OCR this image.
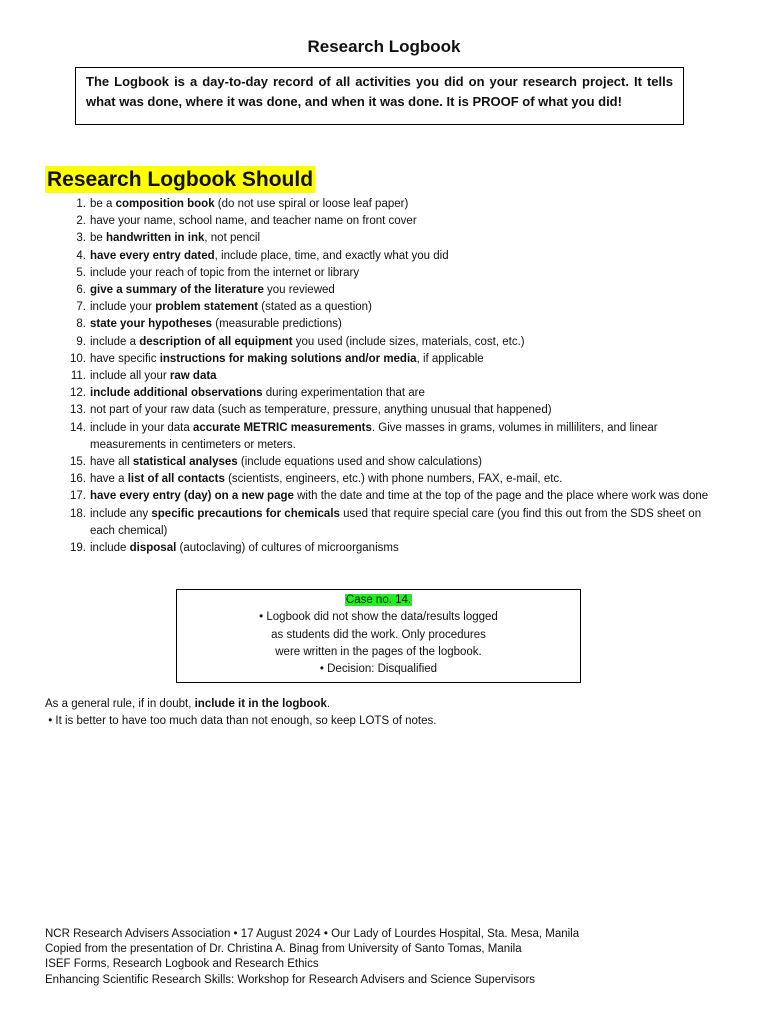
Research Logbook
The Logbook is a day-to-day record of all activities you did on your research project. It tells what was done, where it was done, and when it was done. It is PROOF of what you did!
Research Logbook Should
1 . be a composition book (do not use spiral or loose leaf paper)
2 . have your name, school name, and teacher name on front cover
3 . be handwritten in ink, not pencil
4 . have every entry dated, include place, time, and exactly what you did
5 . include your reach of topic from the internet or library
6 . give a summary of the literature you reviewed
7 . include your problem statement (stated as a question)
8 . state your hypotheses (measurable predictions)
9 . include a description of all equipment you used (include sizes, materials, cost, etc.)
10 . have specific instructions for making solutions and/or media, if applicable
11 . include all your raw data
12 . include additional observations during experimentation that are
13 . not part of your raw data (such as temperature, pressure, anything unusual that happened)
14 . include in your data accurate METRIC measurements. Give masses in grams, volumes in milliliters, and linear measurements in centimeters or meters.
15 . have all statistical analyses (include equations used and show calculations)
16 . have a list of all contacts (scientists, engineers, etc.) with phone numbers, FAX, e-mail, etc.
17 . have every entry (day) on a new page with the date and time at the top of the page and the place where work was done
18 . include any specific precautions for chemicals used that require special care (you find this out from the SDS sheet on each chemical)
19 . include disposal (autoclaving) of cultures of microorganisms
Case no. 14.
• Logbook did not show the data/results logged
as students did the work. Only procedures
were written in the pages of the logbook.
• Decision: Disqualified
As a general rule, if in doubt, include it in the logbook.
• It is better to have too much data than not enough, so keep LOTS of notes.
NCR Research Advisers Association • 17 August 2024 • Our Lady of Lourdes Hospital, Sta. Mesa, Manila
Copied from the presentation of Dr. Christina A. Binag from University of Santo Tomas, Manila
ISEF Forms, Research Logbook and Research Ethics
Enhancing Scientific Research Skills: Workshop for Research Advisers and Science Supervisors
